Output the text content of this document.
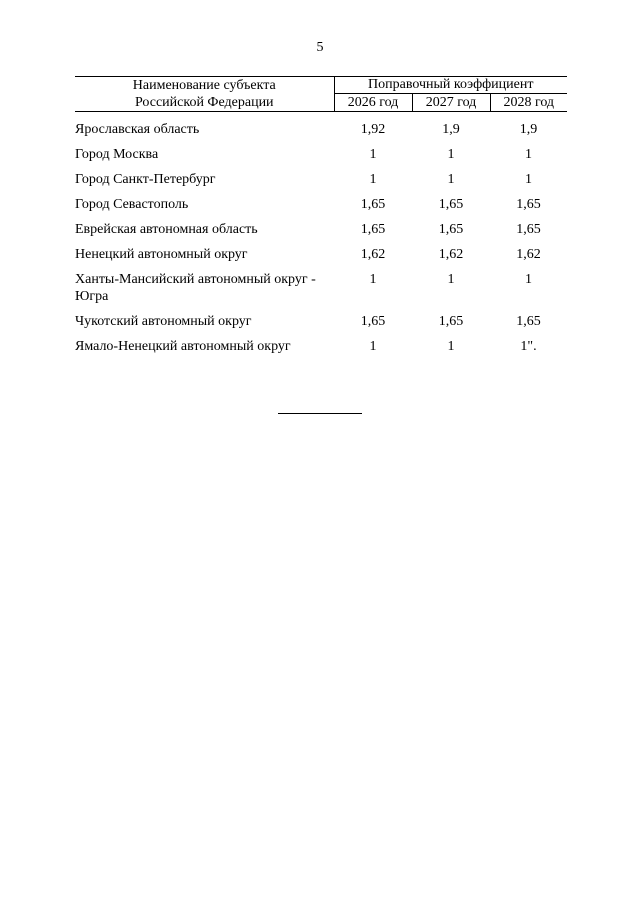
5
Наименование субъекта
Российской Федерации	Поправочный коэффициент		
	2026 год	2027 год	2028 год

Ярославская область	1,92	1,9	1,9
Город Москва	1	1	1
Город Санкт-Петербург	1	1	1
Город Севастополь	1,65	1,65	1,65
Еврейская автономная область	1,65	1,65	1,65
Ненецкий автономный округ	1,62	1,62	1,62
Ханты-Мансийский автономный округ - Югра	1	1	1
Чукотский автономный округ	1,65	1,65	1,65
Ямало-Ненецкий автономный округ	1	1	1".
